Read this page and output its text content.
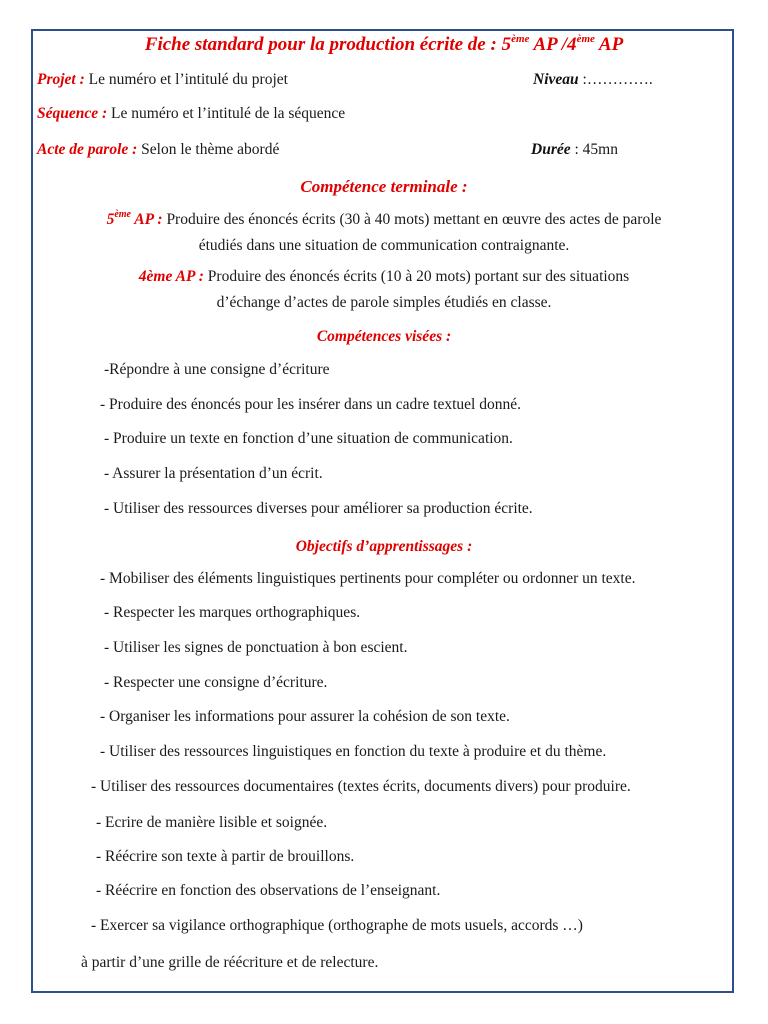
Fiche standard pour la production écrite de : 5ème AP /4ème AP
Projet : Le numéro et l’intitulé du projet	Niveau :………….
Séquence : Le numéro et l’intitulé de la séquence
Acte de parole : Selon le thème abordé	Durée : 45mn
Compétence terminale :
5ème AP : Produire des énoncés écrits (30 à 40 mots) mettant en œuvre des actes de parole
étudiés dans une situation de communication contraignante.
4ème AP : Produire des énoncés écrits (10 à 20 mots) portant sur des situations
d’échange d’actes de parole simples étudiés en classe.
Compétences visées :
-Répondre à une consigne d’écriture
- Produire des énoncés pour les insérer dans un cadre textuel donné.
- Produire un texte en fonction d’une situation de communication.
- Assurer la présentation d’un écrit.
- Utiliser des ressources diverses pour améliorer sa production écrite.
Objectifs d’apprentissages :
- Mobiliser des éléments linguistiques pertinents pour compléter ou ordonner un texte.
- Respecter les marques orthographiques.
- Utiliser les signes de ponctuation à bon escient.
- Respecter une consigne d’écriture.
- Organiser les informations pour assurer la cohésion de son texte.
- Utiliser des ressources linguistiques en fonction du texte à produire et du thème.
- Utiliser des ressources documentaires (textes écrits, documents divers) pour produire.
- Ecrire de manière lisible et soignée.
- Réécrire son texte à partir de brouillons.
- Réécrire en fonction des observations de l’enseignant.
- Exercer sa vigilance orthographique (orthographe de mots usuels, accords …)
à partir d’une grille de réécriture et de relecture.
